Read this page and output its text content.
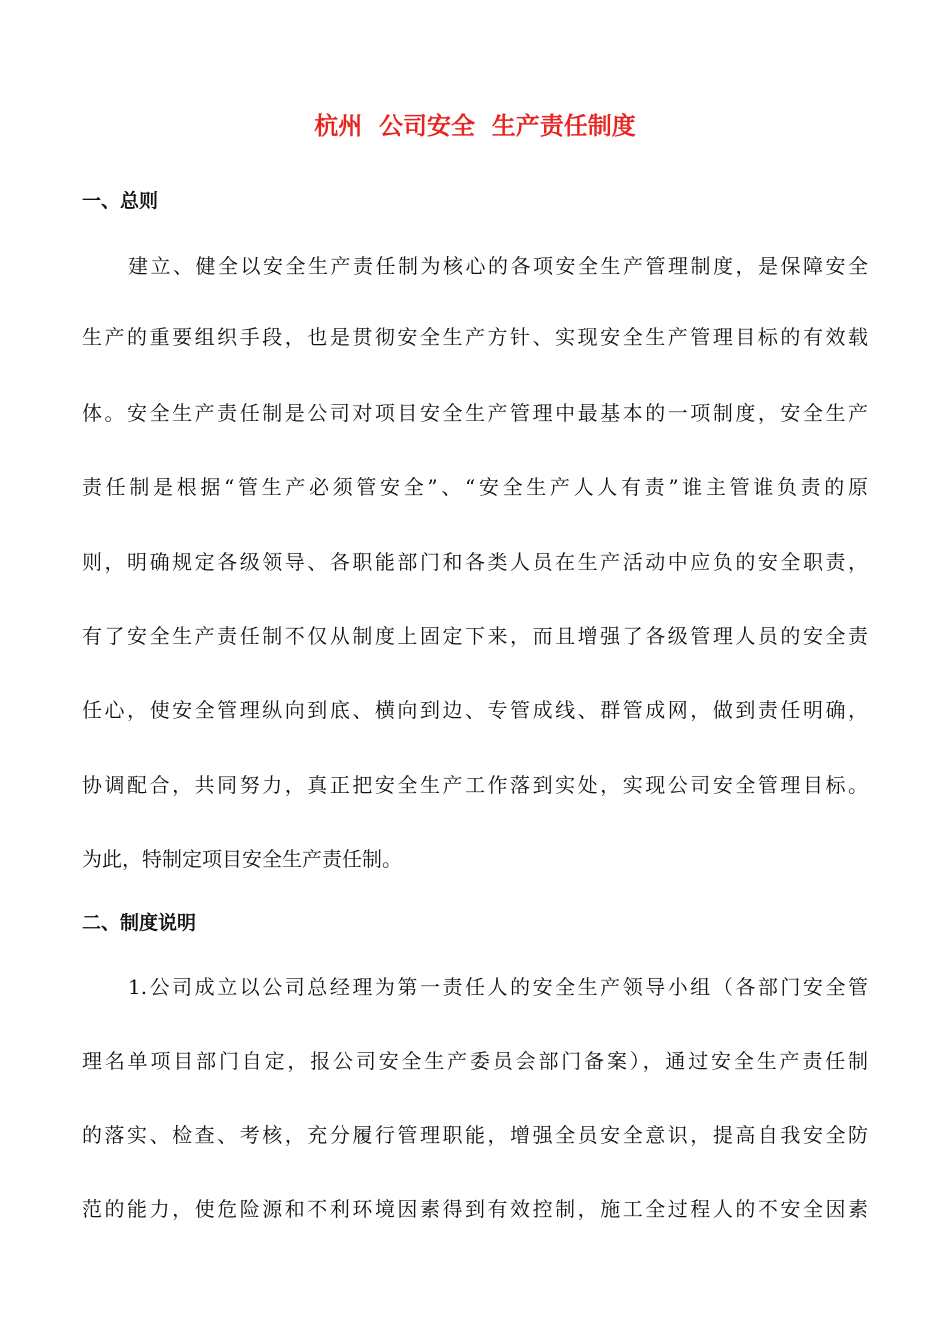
杭州  公司安全  生产责任制度
一、总则
建立、健全以安全生产责任制为核心的各项安全生产管理制度，是保障安全
生产的重要组织手段，也是贯彻安全生产方针、实现安全生产管理目标的有效载
体。安全生产责任制是公司对项目安全生产管理中最基本的一项制度，安全生产
责任制是根据“管生产必须管安全”、“安全生产人人有责”谁主管谁负责的原
则，明确规定各级领导、各职能部门和各类人员在生产活动中应负的安全职责，
有了安全生产责任制不仅从制度上固定下来，而且增强了各级管理人员的安全责
任心，使安全管理纵向到底、横向到边、专管成线、群管成网，做到责任明确，
协调配合，共同努力，真正把安全生产工作落到实处，实现公司安全管理目标。
为此，特制定项目安全生产责任制。
二、制度说明
1.公司成立以公司总经理为第一责任人的安全生产领导小组（各部门安全管
理名单项目部门自定，报公司安全生产委员会部门备案），通过安全生产责任制
的落实、检查、考核，充分履行管理职能，增强全员安全意识，提高自我安全防
范的能力，使危险源和不利环境因素得到有效控制，施工全过程人的不安全因素
